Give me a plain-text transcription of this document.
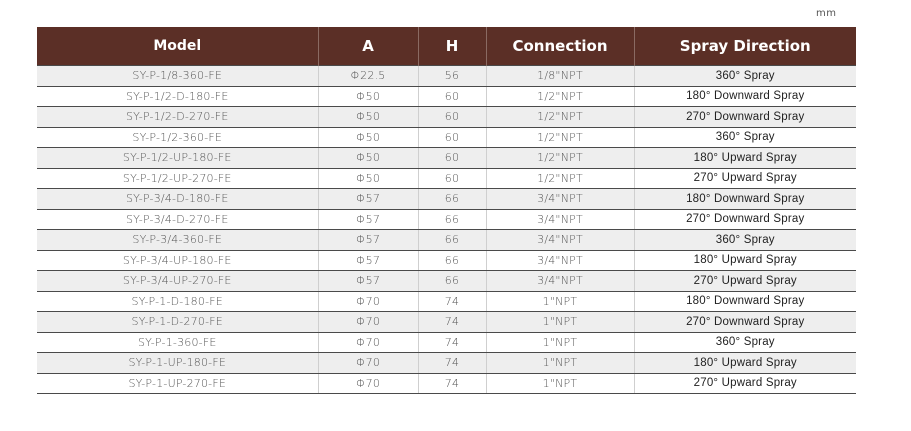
mm
Model	A	H	Connection	Spray Direction
SY-P-1/8-360-FE	Φ22.5	56	1/8"NPT	360° Spray
SY-P-1/2-D-180-FE	Φ50	60	1/2"NPT	180° Downward Spray
SY-P-1/2-D-270-FE	Φ50	60	1/2"NPT	270° Downward Spray
SY-P-1/2-360-FE	Φ50	60	1/2"NPT	360° Spray
SY-P-1/2-UP-180-FE	Φ50	60	1/2"NPT	180° Upward Spray
SY-P-1/2-UP-270-FE	Φ50	60	1/2"NPT	270° Upward Spray
SY-P-3/4-D-180-FE	Φ57	66	3/4"NPT	180° Downward Spray
SY-P-3/4-D-270-FE	Φ57	66	3/4"NPT	270° Downward Spray
SY-P-3/4-360-FE	Φ57	66	3/4"NPT	360° Spray
SY-P-3/4-UP-180-FE	Φ57	66	3/4"NPT	180° Upward Spray
SY-P-3/4-UP-270-FE	Φ57	66	3/4"NPT	270° Upward Spray
SY-P-1-D-180-FE	Φ70	74	1"NPT	180° Downward Spray
SY-P-1-D-270-FE	Φ70	74	1"NPT	270° Downward Spray
SY-P-1-360-FE	Φ70	74	1"NPT	360° Spray
SY-P-1-UP-180-FE	Φ70	74	1"NPT	180° Upward Spray
SY-P-1-UP-270-FE	Φ70	74	1"NPT	270° Upward Spray
